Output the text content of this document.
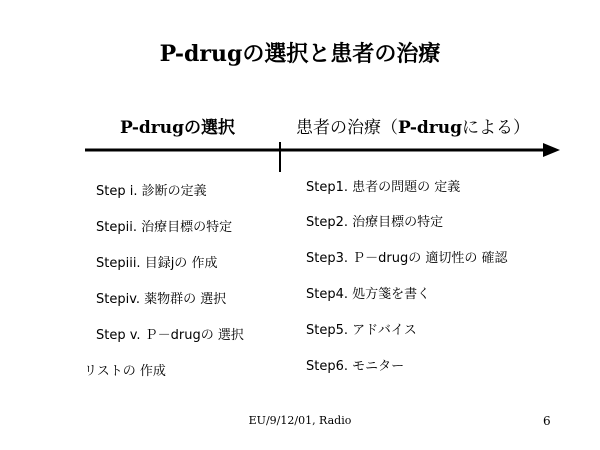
P-drugの選択と患者の治療
P-drugの選択	患者の治療（P-drugによる）
Step i. 診断の定義
Stepii. 治療目標の特定
Stepiii. 目録jの 作成
Stepiv. 薬物群の 選択
Step v. Ｐ－drugの 選択
リストの 作成
Step1. 患者の問題の 定義
Step2. 治療目標の特定
Step3. Ｐ－drugの 適切性の 確認
Step4. 処方箋を書く
Step5. アドバイス
Step6. モニター
EU/9/12/01, Radio	6
